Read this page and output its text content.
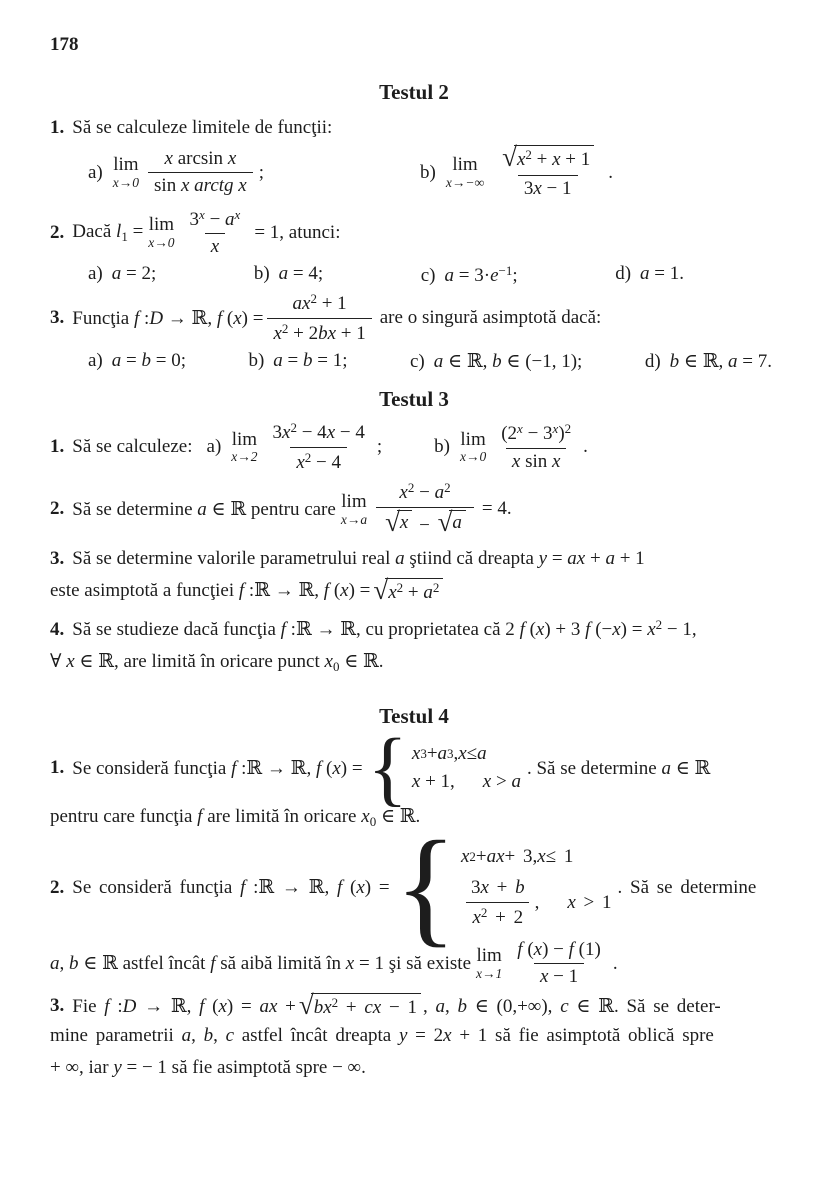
178
Testul 2
1. Să se calculeze limitele de funcţii:
a) lim
$x\to 0 \frac{\text{x arcsin x}}{\text{sin x arctg x}}$ ;	b) lim
x→−∞ √ $\frac{x^2 + x + 1}{3x - 1}$ .
2. Dacă $l_1 = \lim$
$x\to 0 \frac{3^x - a^x}{x} = 1$, atunci:
a) a = 2;	b) a = 4;	c) $a = 3\cdot e^{-1}$;	d) a = 1.
3. Funcţia f :D → ℝ, f $(x) = \frac{ax^2 + 1}{x^2 + 2bx + 1}$ are o singură asimptotă dacă:
a) a = b = 0;	b) a = b = 1;	c) a ∈ ℝ, b ∈ (−1, 1);	d) b ∈ ℝ, a = 7.
Testul 3
1. Să se calculeze: a) lim
$x\to 2 \frac{3x^2 - 4x - 4}{x^2 - 4}$ ;	b) lim
$x\to 0 \frac{(2^x - 3^x)^2}{\text{x sin x}}$ .
2. Să se determine a ∈ ℝ pentru care lim
x→a $x^2 - a^2$
√ x − √ a = 4.
3. Să se determine valorile parametrului real a ştiind că dreapta y = ax + a + 1
este asimptotă a funcţiei f :ℝ → ℝ, f (x) = √ $x^2 + a^2$
4. Să se studieze dacă funcţia f :ℝ → ℝ, cu proprietatea că 2 f (x) + 3 f $(-x) = x^2 - 1$,
∀ x ∈ ℝ, are limită în oricare punct $x_0$ ∈ ℝ.
Testul 4
1. Se consideră funcţia f :ℝ → ℝ, f (x) =
{ x 3 + a 3 , x ≤ a
x + 1, x > a
. Să se determine a ∈ ℝ
pentru care funcţia f are limită în oricare $x_0$ ∈ ℝ.
2. Se consideră funcţia f :ℝ → ℝ, f (x) =
{ x 2 + ax + 3, x ≤ 1
$\frac{3x + b}{x^2 + 2}$ , x > 1
. Să se determine
a, b ∈ ℝ astfel încât f să aibă limită în x = 1 şi să existe lim
$x\to 1 \frac{f (x) - f (1)}{x - 1}$ .
3. Fie f :D → ℝ, f (x) = ax + √ $bx^2$ + cx − 1 , a, b ∈ (0,+∞), c ∈ ℝ. Să se deter-
mine parametrii a, b, c astfel încât dreapta y = 2x + 1 să fie asimptotă oblică spre
+ ∞, iar y = − 1 să fie asimptotă spre − ∞.
